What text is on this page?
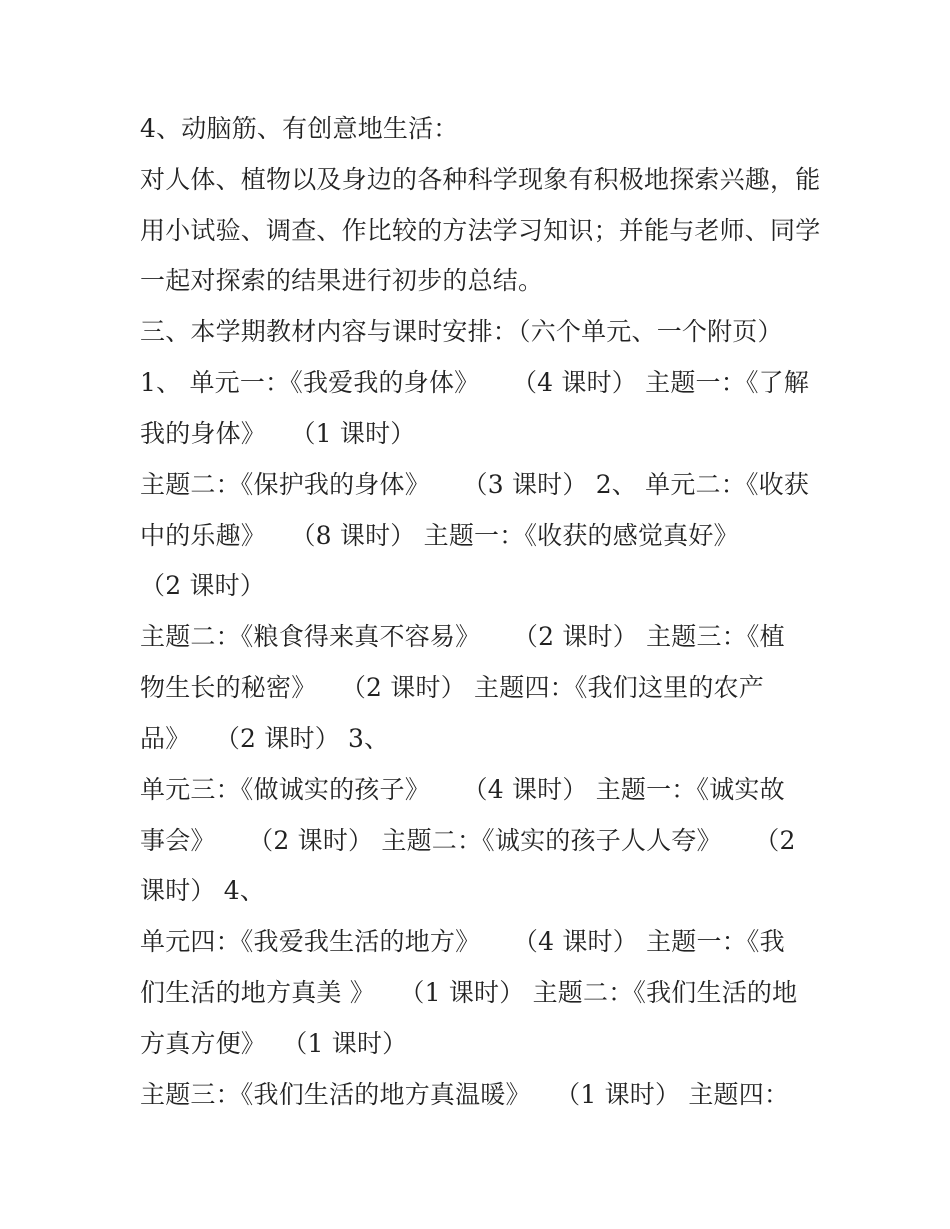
4、动脑筋、有创意地生活：

对人体、植物以及身边的各种科学现象有积极地探索兴趣，能

用小试验、调查、作比较的方法学习知识；并能与老师、同学

一起对探索的结果进行初步的总结。

三、本学期教材内容与课时安排：（六个单元、一个附页）

1、 单元一：《我爱我的身体》    （4 课时） 主题一：《了解

我的身体》   （1 课时）

主题二：《保护我的身体》    （3 课时） 2、 单元二：《收获

中的乐趣》   （8 课时） 主题一：《收获的感觉真好》

（2 课时）

主题二：《粮食得来真不容易》    （2 课时） 主题三：《植

物生长的秘密》   （2 课时） 主题四：《我们这里的农产

品》   （2 课时） 3、

单元三：《做诚实的孩子》    （4 课时） 主题一：《诚实故

事会》    （2 课时） 主题二：《诚实的孩子人人夸》    （2

课时） 4、

单元四：《我爱我生活的地方》    （4 课时） 主题一：《我

们生活的地方真美 》   （1 课时） 主题二：《我们生活的地

方真方便》  （1 课时）

主题三：《我们生活的地方真温暖》   （1 课时） 主题四：
